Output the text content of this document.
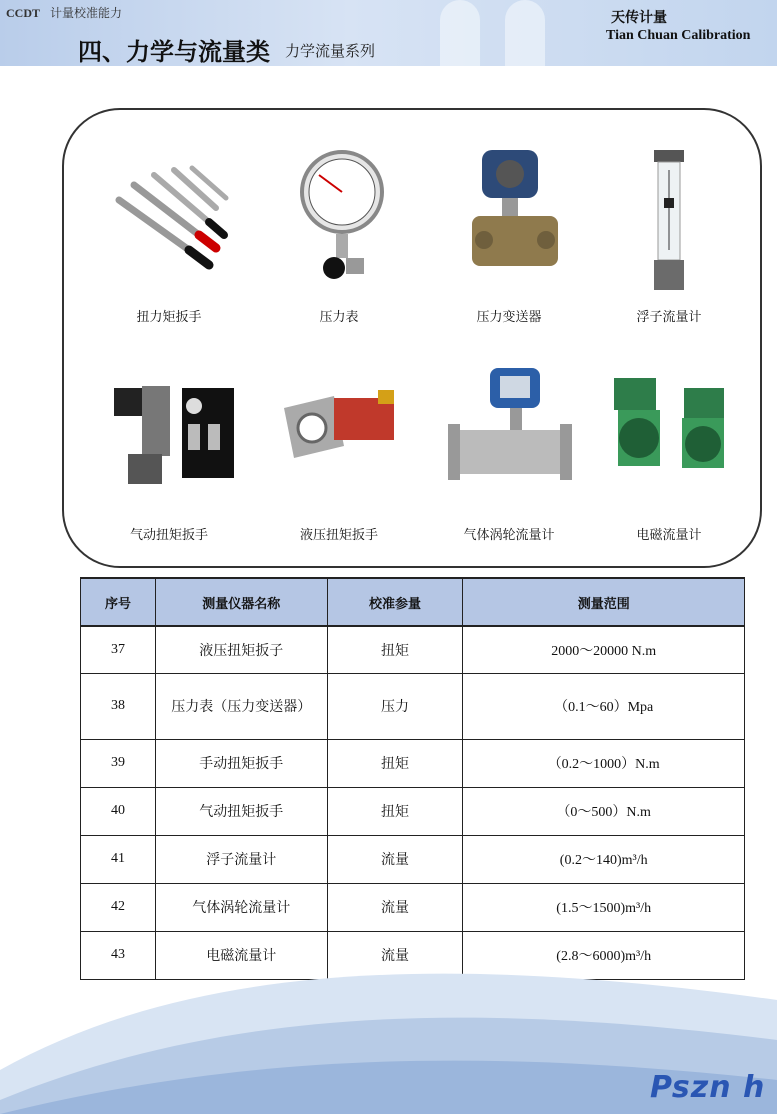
CCDT 计量校准能力
四、力学与流量类 力学流量系列
天传计量
Tian Chuan Calibration
扭力矩扳手	压力表	压力变送器	浮子流量计
气动扭矩扳手	液压扭矩扳手	气体涡轮流量计	电磁流量计
序号	测量仪器名称	校准参量	测量范围
37	液压扭矩扳子	扭矩	2000～20000 N.m
38	压力表（压力变送器）	压力	（0.1～60）Mpa
39	手动扭矩扳手	扭矩	（0.2～1000）N.m
40	气动扭矩扳手	扭矩	（0～500）N.m
41	浮子流量计	流量	(0.2～140)m³/h
42	气体涡轮流量计	流量	(1.5～1500)m³/h
43	电磁流量计	流量	(2.8～6000)m³/h
Pszn h
